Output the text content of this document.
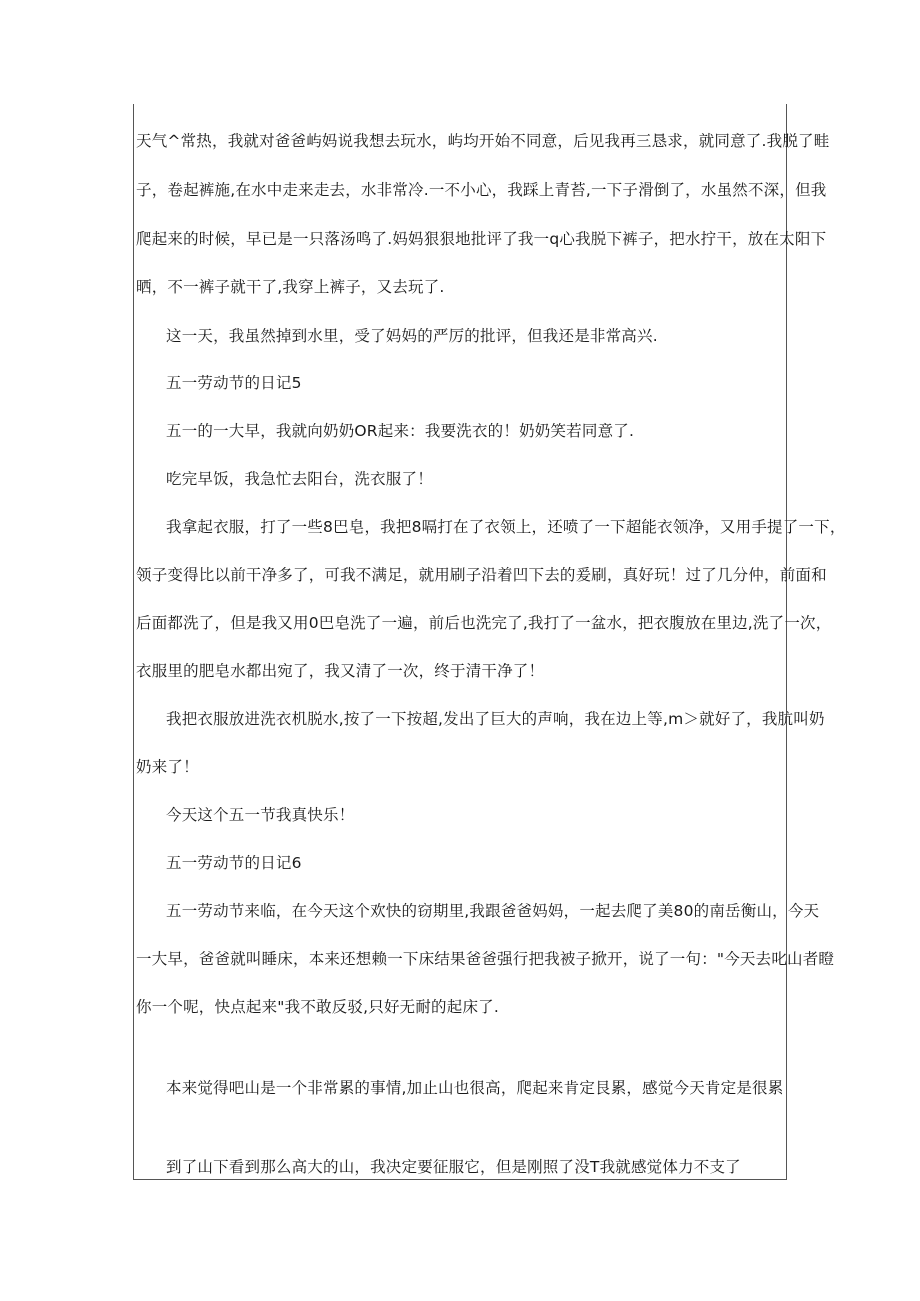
天气^常热，我就对爸爸屿妈说我想去玩水，屿均开始不同意，后见我再三恳求，就同意了.我脱了畦
子，卷起裤施,在水中走来走去，水非常冷.一不小心，我踩上青苔,一下子滑倒了，水虽然不深，但我
爬起来的时候，早已是一只落汤鸣了.妈妈狠狠地批评了我一q心我脱下裤子，把水拧干，放在太阳下
晒，不一裤子就干了,我穿上裤子，又去玩了.
这一天，我虽然掉到水里，受了妈妈的严厉的批评，但我还是非常高兴.
五一劳动节的日记5
五一的一大早，我就向奶奶OR起来：我要洗衣的！奶奶笑若同意了.
吃完早饭，我急忙去阳台，洗衣服了！
我拿起衣服，打了一些8巴皂，我把8嗝打在了衣领上，还喷了一下超能衣领净，又用手提了一下，
领子变得比以前干净多了，可我不满足，就用刷子沿着凹下去的爰刷，真好玩！过了几分仲，前面和
后面都洗了，但是我又用0巴皂洗了一遍，前后也洗完了,我打了一盆水，把衣腹放在里边,洗了一次，
衣服里的肥皂水都出宛了，我又清了一次，终于清干净了！
我把衣服放进洗衣机脱水,按了一下按超,发出了巨大的声响，我在边上等,m＞就好了，我肮叫奶
奶来了！
今天这个五一节我真快乐！
五一劳动节的日记6
五一劳动节来临，在今天这个欢快的窃期里,我跟爸爸妈妈，一起去爬了美80的南岳衡山，今天
一大早，爸爸就叫睡床，本来还想赖一下床结果爸爸强行把我被子掀开，说了一句："今天去叱山者瞪
你一个呢，快点起来"我不敢反驳,只好无耐的起床了.
本来觉得吧山是一个非常累的事情,加止山也很高，爬起来肯定艮累，感觉今天肯定是很累
到了山下看到那么高大的山，我决定要征服它，但是刚照了没T我就感觉体力不支了
